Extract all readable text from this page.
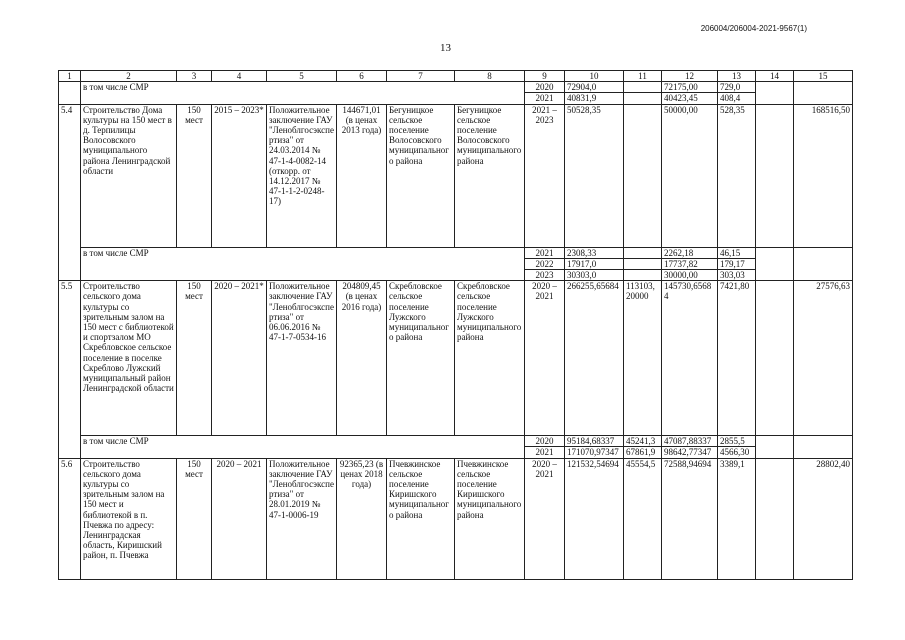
206004/206004-2021-9567(1)
13
1	2	3	4	5	6	7	8	9	10	11	12	13	14	15
	в том числе СМР							2020	72904,0		72175,00	729,0		
								2021	40831,9		40423,45	408,4		
5.4	Строительство Дома культуры на 150 мест в д. Терпилицы Волосовского муниципального района Ленинградской области	150 мест	2015 – 2023*	Положительное заключение ГАУ "Леноблгосэкспертиза" от 24.03.2014 № 47-1-4-0082-14 (откорр. от 14.12.2017 № 47-1-1-2-0248-17)	144671,01 (в ценах 2013 года)	Бегуницкое сельское поселение Волосовского муниципального района	Бегуницкое сельское поселение Волосовского муниципального района	2021 – 2023	50528,35		50000,00	528,35		168516,50
	в том числе СМР							2021	2308,33		2262,18	46,15		
								2022	17917,0		17737,82	179,17		
								2023	30303,0		30000,00	303,03		
5.5	Строительство сельского дома культуры со зрительным залом на 150 мест с библиотекой и спортзалом МО Скребловское сельское поселение в поселке Скреблово Лужский муниципальный район Ленинградской области	150 мест	2020 – 2021*	Положительное заключение ГАУ "Леноблгосэкспертиза" от 06.06.2016 № 47-1-7-0534-16	204809,45 (в ценах 2016 года)	Скребловское сельское поселение Лужского муниципального района	Скребловское сельское поселение Лужского муниципального района	2020 – 2021	266255,65684	113103,20000	145730,65684	7421,80		27576,63
	в том числе СМР							2020	95184,68337	45241,3	47087,88337	2855,5		
								2021	171070,97347	67861,9	98642,77347	4566,30		
5.6	Строительство сельского дома культуры со зрительным залом на 150 мест и библиотекой в п. Пчевжа по адресу: Ленинградская область, Киришский район, п. Пчевжа	150 мест	2020 – 2021	Положительное заключение ГАУ "Леноблгосэкспертиза" от 28.01.2019 № 47-1-0006-19	92365,23 (в ценах 2018 года)	Пчевжинское сельское поселение Киришского муниципального района	Пчевжинское сельское поселение Киришского муниципального района	2020 – 2021	121532,54694	45554,5	72588,94694	3389,1		28802,40
